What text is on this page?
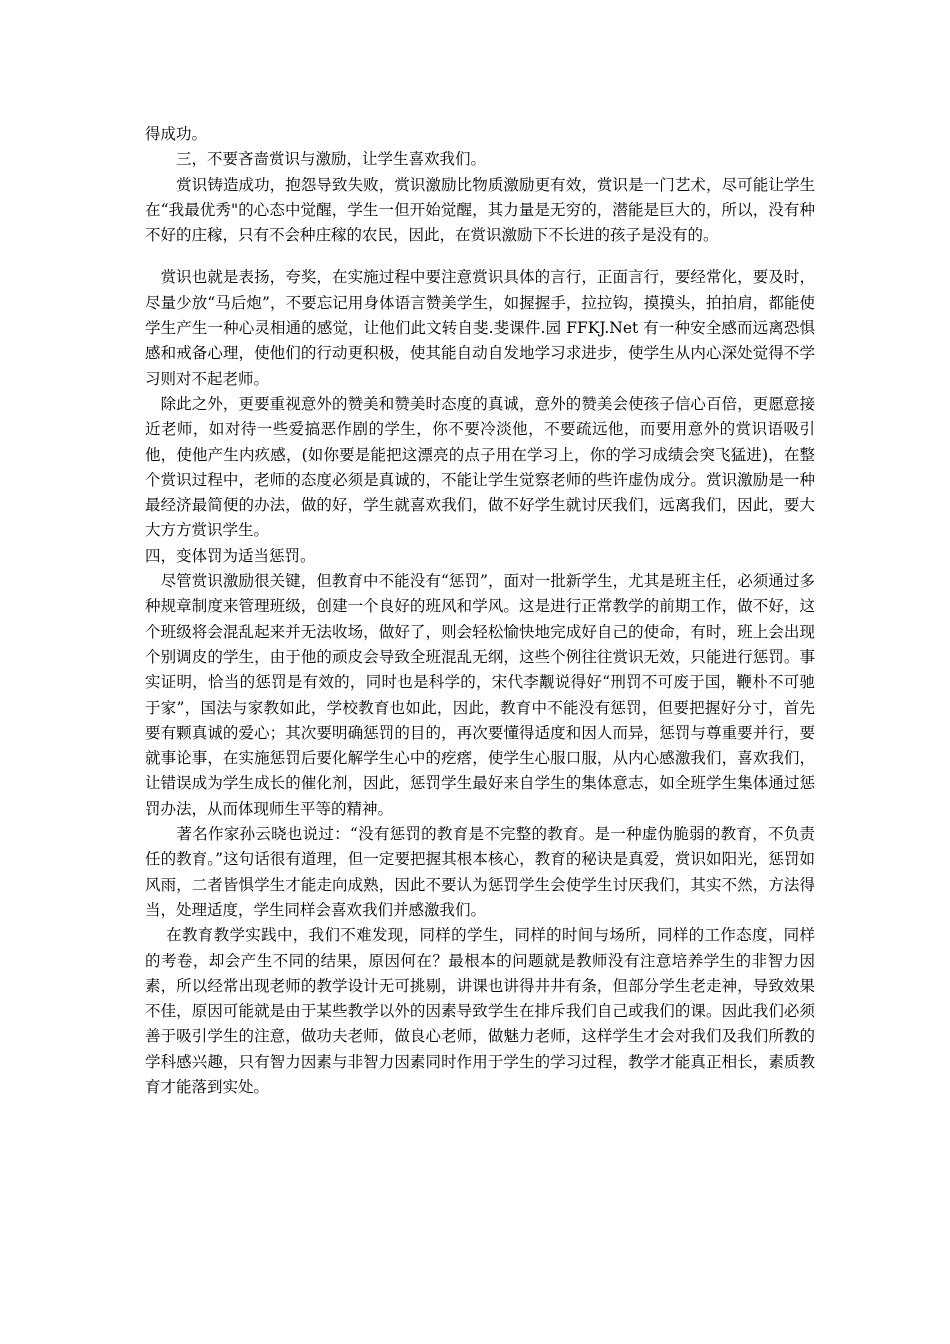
得成功。

　　三，不要吝啬赏识与激励，让学生喜欢我们。

　　赏识铸造成功，抱怨导致失败，赏识激励比物质激励更有效，赏识是一门艺术，尽可能让学生在“我最优秀"的心态中觉醒，学生一但开始觉醒，其力量是无穷的，潜能是巨大的，所以，没有种不好的庄稼，只有不会种庄稼的农民，因此，在赏识激励下不长进的孩子是没有的。

　赏识也就是表扬，夸奖，在实施过程中要注意赏识具体的言行，正面言行，要经常化，要及时，尽量少放“马后炮”，不要忘记用身体语言赞美学生，如握握手，拉拉钩，摸摸头，拍拍肩，都能使学生产生一种心灵相通的感觉，让他们此文转自斐.斐课件.园 FFKJ.Net 有一种安全感而远离恐惧感和戒备心理，使他们的行动更积极，使其能自动自发地学习求进步，使学生从内心深处觉得不学习则对不起老师。

　除此之外，更要重视意外的赞美和赞美时态度的真诚，意外的赞美会使孩子信心百倍，更愿意接近老师，如对待一些爱搞恶作剧的学生，你不要冷淡他，不要疏远他，而要用意外的赏识语吸引他，使他产生内疚感，(如你要是能把这漂亮的点子用在学习上，你的学习成绩会突飞猛进)，在整个赏识过程中，老师的态度必须是真诚的，不能让学生觉察老师的些许虚伪成分。赏识激励是一种最经济最简便的办法，做的好，学生就喜欢我们，做不好学生就讨厌我们，远离我们，因此，要大大方方赏识学生。

四，变体罚为适当惩罚。

　尽管赏识激励很关键，但教育中不能没有“惩罚”，面对一批新学生，尤其是班主任，必须通过多种规章制度来管理班级，创建一个良好的班风和学风。这是进行正常教学的前期工作，做不好，这个班级将会混乱起来并无法收场，做好了，则会轻松愉快地完成好自己的使命，有时，班上会出现个别调皮的学生，由于他的顽皮会导致全班混乱无纲，这些个例往往赏识无效，只能进行惩罚。事实证明，恰当的惩罚是有效的，同时也是科学的，宋代李觏说得好“刑罚不可废于国，鞭朴不可驰于家”，国法与家教如此，学校教育也如此，因此，教育中不能没有惩罚，但要把握好分寸，首先要有颗真诚的爱心；其次要明确惩罚的目的，再次要懂得适度和因人而异，惩罚与尊重要并行，要就事论事，在实施惩罚后要化解学生心中的疙瘩，使学生心服口服，从内心感激我们，喜欢我们，让错误成为学生成长的催化剂，因此，惩罚学生最好来自学生的集体意志，如全班学生集体通过惩罚办法，从而体现师生平等的精神。

　　著名作家孙云晓也说过：“没有惩罚的教育是不完整的教育。是一种虚伪脆弱的教育，不负责任的教育。”这句话很有道理，但一定要把握其根本核心，教育的秘诀是真爱，赏识如阳光，惩罚如风雨，二者皆惧学生才能走向成熟，因此不要认为惩罚学生会使学生讨厌我们，其实不然，方法得当，处理适度，学生同样会喜欢我们并感激我们。

　 在教育教学实践中，我们不难发现，同样的学生，同样的时间与场所，同样的工作态度，同样的考卷，却会产生不同的结果，原因何在？最根本的问题就是教师没有注意培养学生的非智力因素，所以经常出现老师的教学设计无可挑剔，讲课也讲得井井有条，但部分学生老走神，导致效果不佳，原因可能就是由于某些教学以外的因素导致学生在排斥我们自己或我们的课。因此我们必须善于吸引学生的注意，做功夫老师，做良心老师，做魅力老师，这样学生才会对我们及我们所教的学科感兴趣，只有智力因素与非智力因素同时作用于学生的学习过程，教学才能真正相长，素质教育才能落到实处。
